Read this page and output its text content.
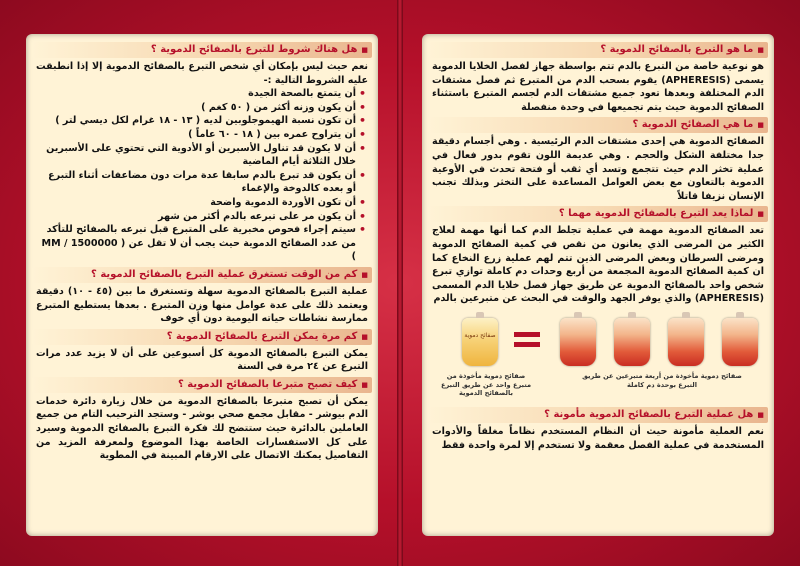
■ هل هناك شروط للتبرع بالصفائح الدموية ؟

نعم حيث ليس بإمكان أي شخص التبرع بالصفائح الدموية إلا إذا انطبقت عليه الشروط التالية :-

• أن يتمتع بالصحة الجيدة
• أن يكون وزنه أكثر من ( ٥٠ كغم )
• أن تكون نسبة الهيموجلوبين لديه ( ١٣ - ١٨ غرام لكل ديسي لتر )
• أن يتراوح عمره بين ( ١٨ - ٦٠ عاماً )
• أن لا يكون قد تناول الأسبرين أو الأدوية التي تحتوي على الأسبرين خلال الثلاثة أيام الماضية
• أن يكون قد تبرع بالدم سابقا عدة مرات دون مضاعفات أثناء التبرع أو بعده كالدوخة والإغماء
• أن تكون الأوردة الدموية واضحة
• أن يكون مر على تبرعه بالدم أكثر من شهر
• سيتم إجراء فحوص مخبرية على المتبرع قبل تبرعه بالصفائح للتأكد من عدد الصفائح الدموية حيث يجب أن لا تقل عن ( 1500000 / MM )
■ كم من الوقت تستغرق عملية التبرع بالصفائح الدموية ؟

عملية التبرع بالصفائح الدموية سهلة وتستغرق ما بين (٤٥ - ١٠) دقيقة ويعتمد ذلك على عدة عوامل منها وزن المتبرع . بعدها يستطيع المتبرع ممارسة نشاطات حياته اليومية دون أي خوف

■ كم مرة يمكن التبرع بالصفائح الدموية ؟

يمكن التبرع بالصفائح الدموية كل أسبوعين على أن لا يزيد عدد مرات التبرع عن ٢٤ مرة في السنة

■ كيف تصبح متبرعا بالصفائح الدموية ؟

يمكن أن تصبح متبرعا بالصفائح الدموية من خلال زيارة دائرة خدمات الدم بيوشر - مقابل مجمع صحي بوشر - وستجد الترحيب التام من جميع العاملين بالدائرة حيث ستتضح لك فكرة التبرع بالصفائح الدموية وسيرد على كل الاستفسارات الخاصة بهذا الموضوع ولمعرفة المزيد من التفاصيل يمكنك الاتصال على الارقام المبينة في المطوية

■ ما هو التبرع بالصفائح الدموية ؟

هو نوعية خاصة من التبرع بالدم تتم بواسطة جهاز لفصل الخلايا الدموية يسمى (APHERESIS) يقوم بسحب الدم من المتبرع ثم فصل مشتقات الدم المختلفة وبعدها تعود جميع مشتقات الدم لجسم المتبرع باستثناء الصفائح الدموية حيث يتم تجميعها في وحدة منفصلة

■ ما هي الصفائح الدموية ؟

الصفائح الدموية هي إحدى مشتقات الدم الرئيسية . وهي أجسام دقيقة جدا مختلفة الشكل والحجم . وهي عديمة اللون تقوم بدور فعال في عملية تخثر الدم حيث تتجمع وتسد أي ثقب أو فتحة تحدث في الأوعية الدموية بالتعاون مع بعض العوامل المساعدة على التخثر وبذلك تجنب الإنسان نزيفا قاتلاً

■ لماذا يعد التبرع بالصفائح الدموية مهما ؟

تعد الصفائح الدموية مهمة في عملية تجلط الدم كما أنها مهمة لعلاج الكثير من المرضى الذي يعانون من نقص في كمية الصفائح الدموية ومرضى السرطان وبعض المرضى الذين تتم لهم عملية زرع النخاع كما ان كمية الصفائح الدموية المجمعة من أربع وحدات دم كاملة توازي تبرع شخص واحد بالصفائح الدموية عن طريق جهاز فصل خلايا الدم المسمى (APHERESIS) والذي يوفر الجهد والوقت في البحث عن متبرعين بالدم

صفائح دموية
صفائح دموية مأخوذة من متبرع واحد عن طريق التبرع بالصفائح الدموية
صفائح دموية مأخوذة من أربعة متبرعين عن طريق التبرع بوحدة دم كاملة
■ هل عملية التبرع بالصفائح الدموية مأمونة ؟

نعم العملية مأمونة حيث أن النظام المستخدم نظاماً مغلقاً والأدوات المستخدمة في عملية الفصل معقمة ولا تستخدم إلا لمرة واحدة فقط
